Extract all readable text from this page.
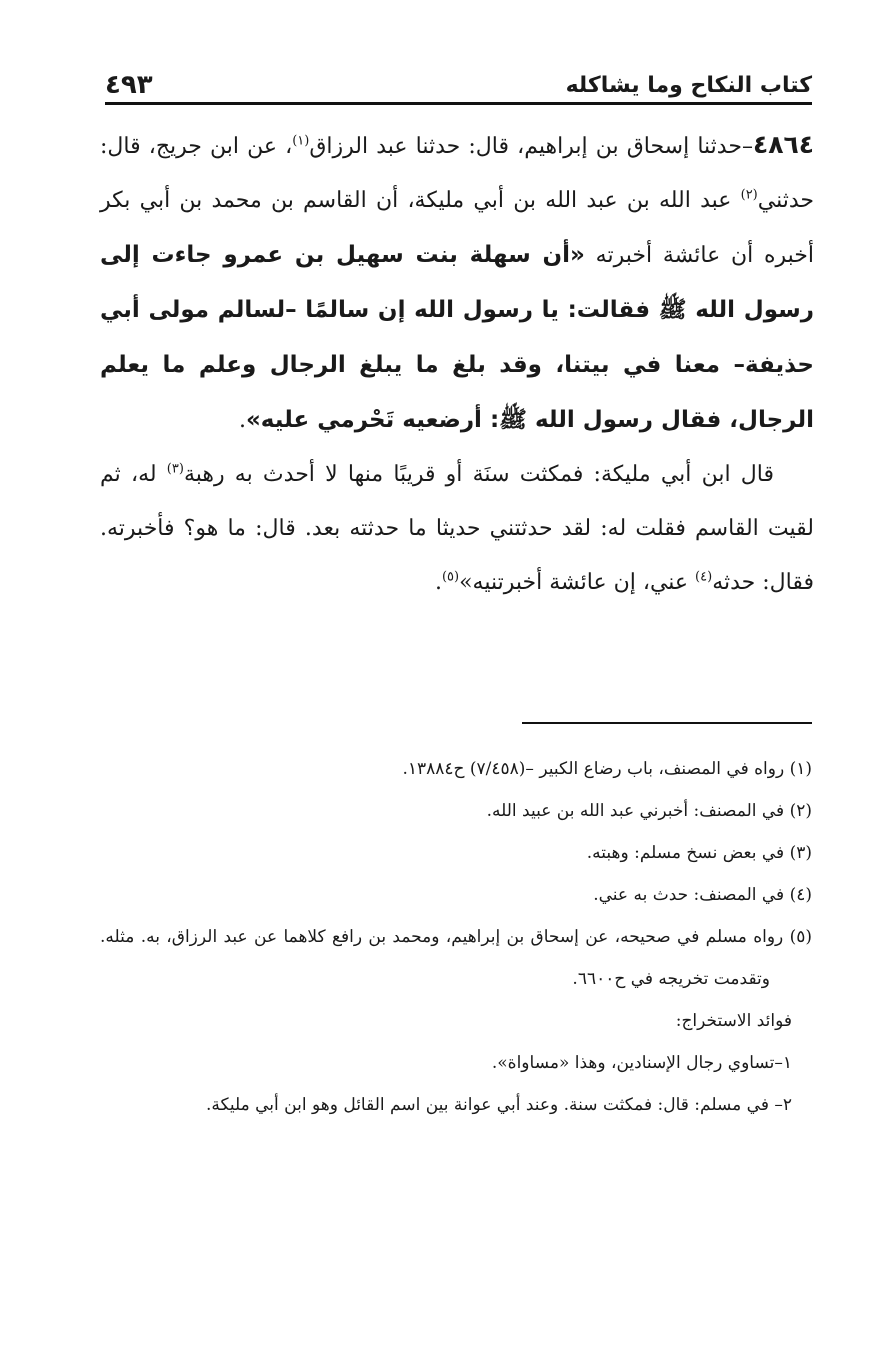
كتاب النكاح وما يشاكله
٤٩٣

٤٨٦٤–حدثنا إسحاق بن إبراهيم، قال: حدثنا عبد الرزاق$^{(١)}$، عن ابن جريج، قال: حدثني$^{(٢)}$ عبد الله بن عبد الله بن أبي مليكة، أن القاسم بن محمد بن أبي بكر أخبره أن عائشة أخبرته «أن سهلة بنت سهيل بن عمرو جاءت إلى رسول الله ﷺ فقالت: يا رسول الله إن سالمًا –لسالم مولى أبي حذيفة– معنا في بيتنا، وقد بلغ ما يبلغ الرجال وعلم ما يعلم الرجال، فقال رسول الله ﷺ: أرضعيه تَحْرمي عليه».

قال ابن أبي مليكة: فمكثت سنَة أو قريبًا منها لا أحدث به رهبة$^{(٣)}$ له، ثم لقيت القاسم فقلت له: لقد حدثتني حديثا ما حدثته بعد. قال: ما هو؟ فأخبرته. فقال: حدثه$^{(٤)}$ عني، إن عائشة أخبرتنيه»$^{(٥)}$.

(١) رواه في المصنف، باب رضاع الكبير –(٧/٤٥٨) ح١٣٨٨٤.

(٢) في المصنف: أخبرني عبد الله بن عبيد الله.

(٣) في بعض نسخ مسلم: وهبته.

(٤) في المصنف: حدث به عني.

(٥) رواه مسلم في صحيحه، عن إسحاق بن إبراهيم، ومحمد بن رافع كلاهما عن عبد الرزاق، به. مثله. وتقدمت تخريجه في ح٦٦٠٠.

فوائد الاستخراج:

١–تساوي رجال الإسنادين، وهذا «مساواة».

٢– في مسلم: قال: فمكثت سنة. وعند أبي عوانة بين اسم القائل وهو ابن أبي مليكة.
